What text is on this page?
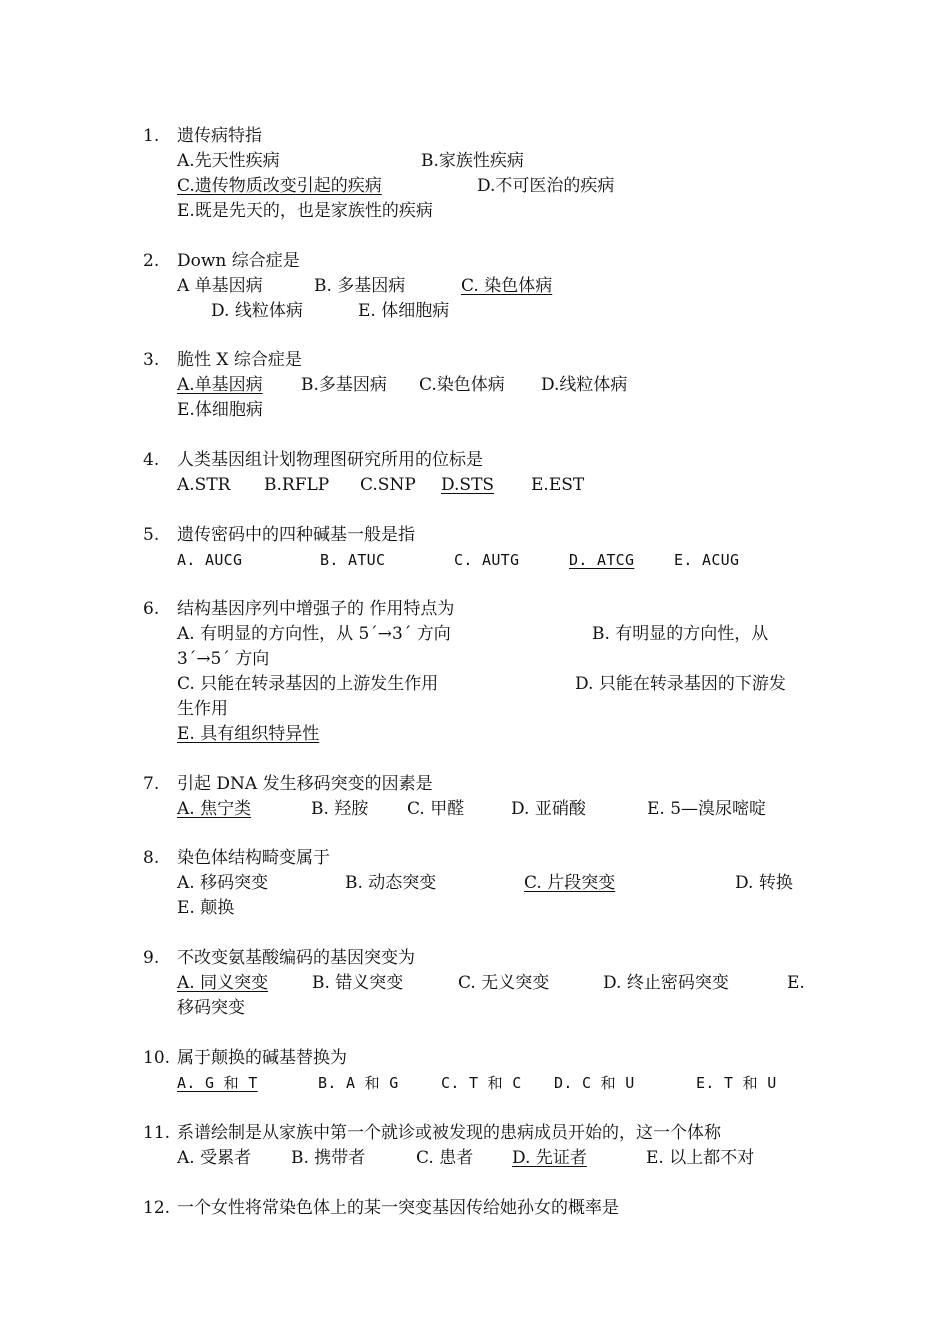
1. 遗传病特指
A.先天性疾病	B.家族性疾病
C.遗传物质改变引起的疾病	D.不可医治的疾病
E.既是先天的，也是家族性的疾病
2. Down 综合症是
A 单基因病	B. 多基因病	C. 染色体病
D. 线粒体病	E. 体细胞病
3. 脆性 X 综合症是
A.单基因病 B.多基因病 C.染色体病 D.线粒体病
E.体细胞病
4. 人类基因组计划物理图研究所用的位标是
A.STR B.RFLP C.SNP D.STS E.EST
5. 遗传密码中的四种碱基一般是指
A. AUCG	B. ATUC	C. AUTG	D. ATCG	E. ACUG
6. 结构基因序列中增强子的 作用特点为
A. 有明显的方向性，从 5´→3´ 方向	B. 有明显的方向性，从
3´→5´ 方向
C. 只能在转录基因的上游发生作用	D. 只能在转录基因的下游发
生作用
E. 具有组织特异性
7. 引起 DNA 发生移码突变的因素是
A. 焦宁类	B. 羟胺 C. 甲醛	D. 亚硝酸	E. 5—溴尿嘧啶
8. 染色体结构畸变属于
A. 移码突变	B. 动态突变	C. 片段突变	D. 转换
E. 颠换
9. 不改变氨基酸编码的基因突变为
A. 同义突变	B. 错义突变	C. 无义突变	D. 终止密码突变	E.
移码突变
10. 属于颠换的碱基替换为
A. G 和 T	B. A 和 G	C. T 和 C D. C 和 U	E. T 和 U
11. 系谱绘制是从家族中第一个就诊或被发现的患病成员开始的，这一个体称
A. 受累者 B. 携带者	C. 患者 D. 先证者	E. 以上都不对
12. 一个女性将常染色体上的某一突变基因传给她孙女的概率是
